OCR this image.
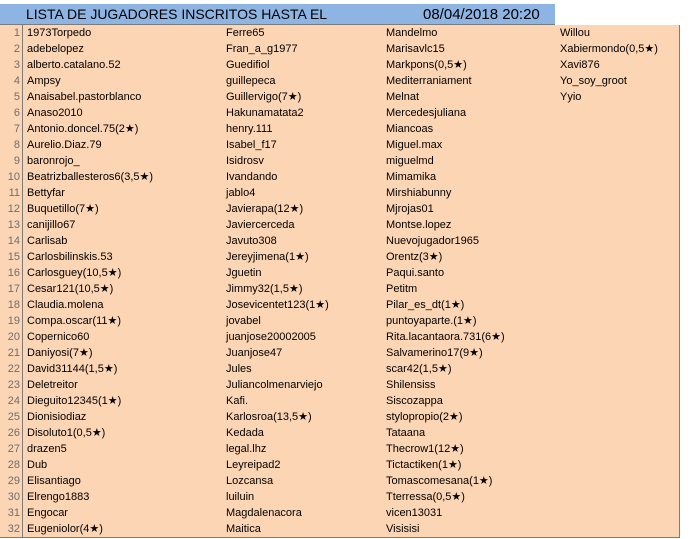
LISTA DE JUGADORES INSCRITOS HASTA EL	08/04/2018 20:20
1
2
3
4
5
6
7
8
9
10
11
12
13
14
15
16
17
18
19
20
21
22
23
24
25
26
27
28
29
30
31
32
1973Torpedo
adebelopez
alberto.catalano.52
Ampsy
Anaisabel.pastorblanco
Anaso2010
Antonio.doncel.75(2★)
Aurelio.Diaz.79
baronrojo_
Beatrizballesteros6(3,5★)
Bettyfar
Buquetillo(7★)
canijillo67
Carlisab
Carlosbilinskis.53
Carlosguey(10,5★)
Cesar121(10,5★)
Claudia.molena
Compa.oscar(11★)
Copernico60
Daniyosi(7★)
David31144(1,5★)
Deletreitor
Dieguito12345(1★)
Dionisiodiaz
Disoluto1(0,5★)
drazen5
Dub
Elisantiago
Elrengo1883
Engocar
Eugeniolor(4★)
Ferre65
Fran_a_g1977
Guedifiol
guillepeca
Guillervigo(7★)
Hakunamatata2
henry.111
Isabel_f17
Isidrosv
Ivandando
jablo4
Javierapa(12★)
Javiercerceda
Javuto308
Jereyjimena(1★)
Jguetin
Jimmy32(1,5★)
Josevicentet123(1★)
jovabel
juanjose20002005
Juanjose47
Jules
Juliancolmenarviejo
Kafi.
Karlosroa(13,5★)
Kedada
legal.lhz
Leyreipad2
Lozcansa
luiluin
Magdalenacora
Maitica
Mandelmo
Marisavlc15
Markpons(0,5★)
Mediterraniament
Melnat
Mercedesjuliana
Miancoas
Miguel.max
miguelmd
Mimamika
Mirshiabunny
Mjrojas01
Montse.lopez
Nuevojugador1965
Orentz(3★)
Paqui.santo
Petitm
Pilar_es_dt(1★)
puntoyaparte.(1★)
Rita.lacantaora.731(6★)
Salvamerino17(9★)
scar42(1,5★)
Shilensiss
Siscozappa
stylopropio(2★)
Tataana
Thecrow1(12★)
Tictactiken(1★)
Tomascomesana(1★)
Tterressa(0,5★)
vicen13031
Visisisi
Willou
Xabiermondo(0,5★)
Xavi876
Yo_soy_groot
Yyio
